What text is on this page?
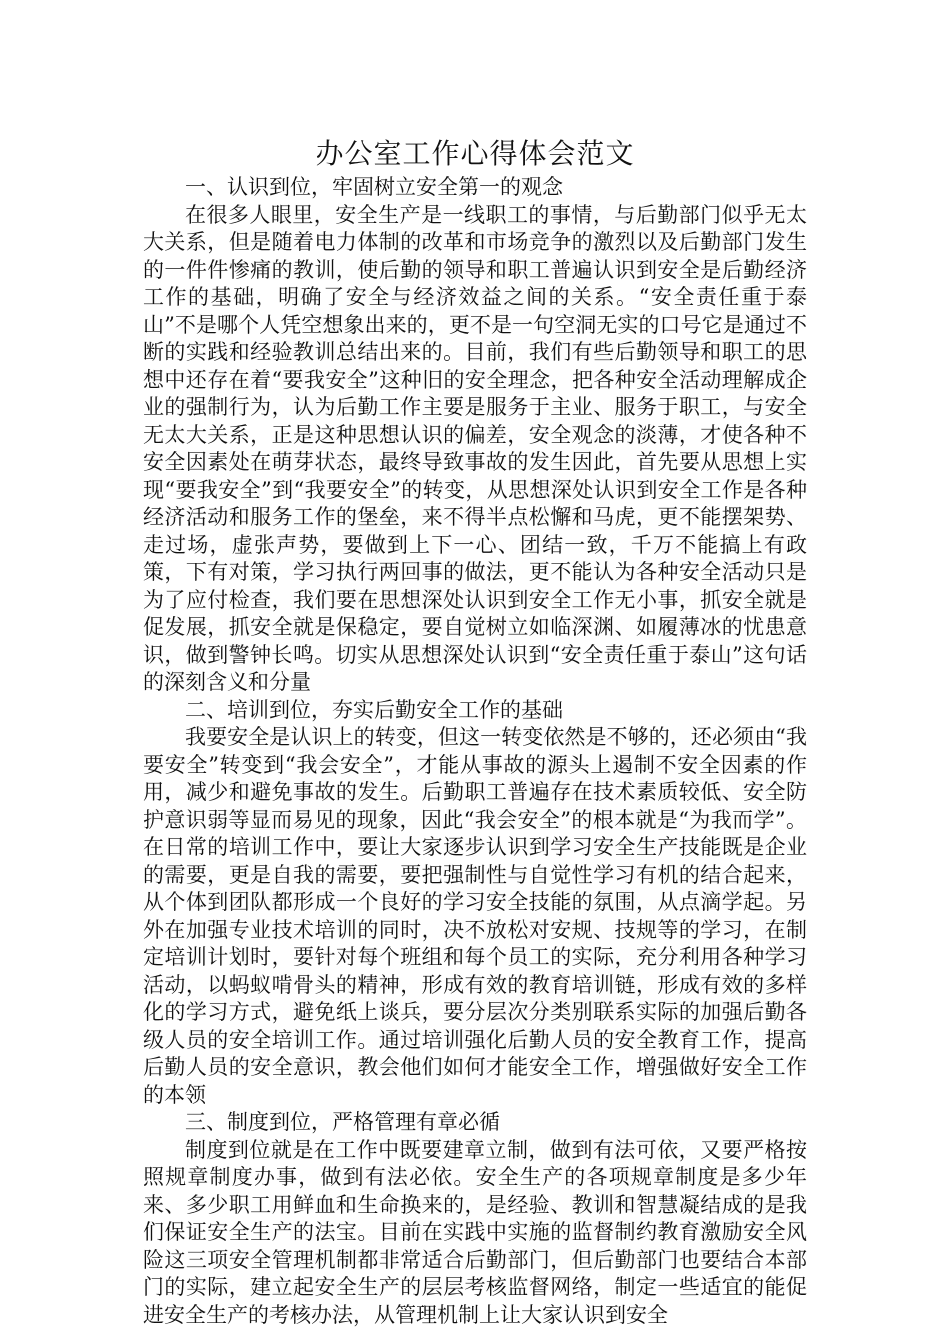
办公室工作心得体会范文
一、认识到位，牢固树立安全第一的观念

在很多人眼里，安全生产是一线职工的事情，与后勤部门似乎无太大关系，但是随着电力体制的改革和市场竞争的激烈以及后勤部门发生的一件件惨痛的教训，使后勤的领导和职工普遍认识到安全是后勤经济工作的基础，明确了安全与经济效益之间的关系。“安全责任重于泰山”不是哪个人凭空想象出来的，更不是一句空洞无实的口号它是通过不断的实践和经验教训总结出来的。目前，我们有些后勤领导和职工的思想中还存在着“要我安全”这种旧的安全理念，把各种安全活动理解成企业的强制行为，认为后勤工作主要是服务于主业、服务于职工，与安全无太大关系，正是这种思想认识的偏差，安全观念的淡薄，才使各种不安全因素处在萌芽状态，最终导致事故的发生因此，首先要从思想上实现“要我安全”到“我要安全”的转变，从思想深处认识到安全工作是各种经济活动和服务工作的堡垒，来不得半点松懈和马虎，更不能摆架势、走过场，虚张声势，要做到上下一心、团结一致，千万不能搞上有政策，下有对策，学习执行两回事的做法，更不能认为各种安全活动只是为了应付检查，我们要在思想深处认识到安全工作无小事，抓安全就是促发展，抓安全就是保稳定，要自觉树立如临深渊、如履薄冰的忧患意识，做到警钟长鸣。切实从思想深处认识到“安全责任重于泰山”这句话的深刻含义和分量

二、培训到位，夯实后勤安全工作的基础

我要安全是认识上的转变，但这一转变依然是不够的，还必须由“我要安全”转变到“我会安全”，才能从事故的源头上遏制不安全因素的作用，减少和避免事故的发生。后勤职工普遍存在技术素质较低、安全防护意识弱等显而易见的现象，因此“我会安全”的根本就是“为我而学”。在日常的培训工作中，要让大家逐步认识到学习安全生产技能既是企业的需要，更是自我的需要，要把强制性与自觉性学习有机的结合起来，从个体到团队都形成一个良好的学习安全技能的氛围，从点滴学起。另外在加强专业技术培训的同时，决不放松对安规、技规等的学习，在制定培训计划时，要针对每个班组和每个员工的实际，充分利用各种学习活动，以蚂蚁啃骨头的精神，形成有效的教育培训链，形成有效的多样化的学习方式，避免纸上谈兵，要分层次分类别联系实际的加强后勤各级人员的安全培训工作。通过培训强化后勤人员的安全教育工作，提高后勤人员的安全意识，教会他们如何才能安全工作，增强做好安全工作的本领

三、制度到位，严格管理有章必循

制度到位就是在工作中既要建章立制，做到有法可依，又要严格按照规章制度办事，做到有法必依。安全生产的各项规章制度是多少年来、多少职工用鲜血和生命换来的，是经验、教训和智慧凝结成的是我们保证安全生产的法宝。目前在实践中实施的监督制约教育激励安全风险这三项安全管理机制都非常适合后勤部门，但后勤部门也要结合本部门的实际，建立起安全生产的层层考核监督网络，制定一些适宜的能促进安全生产的考核办法，从管理机制上让大家认识到安全
